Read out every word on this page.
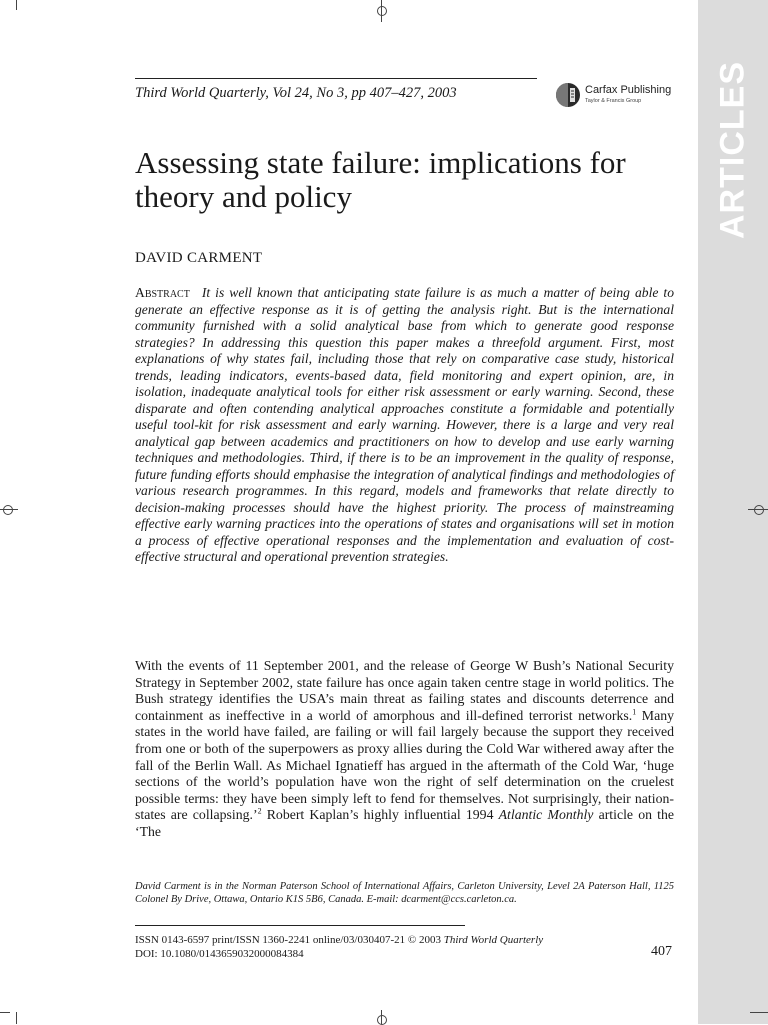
ARTICLES
Third World Quarterly, Vol 24, No 3, pp 407–427, 2003	Carfax Publishing
Taylor & Francis Group
Assessing state failure: implications for theory and policy
DAVID CARMENT

Abstract It is well known that anticipating state failure is as much a matter of being able to generate an effective response as it is of getting the analysis right. But is the international community furnished with a solid analytical base from which to generate good response strategies? In addressing this question this paper makes a threefold argument. First, most explanations of why states fail, including those that rely on comparative case study, historical trends, leading indicators, events-based data, field monitoring and expert opinion, are, in isolation, inadequate analytical tools for either risk assessment or early warning. Second, these disparate and often contending analytical approaches constitute a formidable and potentially useful tool-kit for risk assessment and early warning. However, there is a large and very real analytical gap between academics and practitioners on how to develop and use early warning techniques and methodologies. Third, if there is to be an improvement in the quality of response, future funding efforts should emphasise the integration of analytical findings and methodologies of various research programmes. In this regard, models and frameworks that relate directly to decision-making processes should have the highest priority. The process of mainstreaming effective early warning practices into the operations of states and organisations will set in motion a process of effective operational responses and the implementation and evaluation of cost-effective structural and operational prevention strategies.

With the events of 11 September 2001, and the release of George W Bush’s National Security Strategy in September 2002, state failure has once again taken centre stage in world politics. The Bush strategy identifies the USA’s main threat as failing states and discounts deterrence and containment as ineffective in a world of amorphous and ill-defined terrorist networks.$^1$ Many states in the world have failed, are failing or will fail largely because the support they received from one or both of the superpowers as proxy allies during the Cold War withered away after the fall of the Berlin Wall. As Michael Ignatieff has argued in the aftermath of the Cold War, ‘huge sections of the world’s population have won the right of self determination on the cruelest possible terms: they have been simply left to fend for themselves. Not surprisingly, their nation-states are collapsing.’$^2$ Robert Kaplan’s highly influential 1994 Atlantic Monthly article on the ‘The

David Carment is in the Norman Paterson School of International Affairs, Carleton University, Level 2A Paterson Hall, 1125 Colonel By Drive, Ottawa, Ontario K1S 5B6, Canada. E-mail: dcarment@ccs.carleton.ca.

ISSN 0143-6597 print/ISSN 1360-2241 online/03/030407-21 © 2003 Third World Quarterly
DOI: 10.1080/0143659032000084384	407
